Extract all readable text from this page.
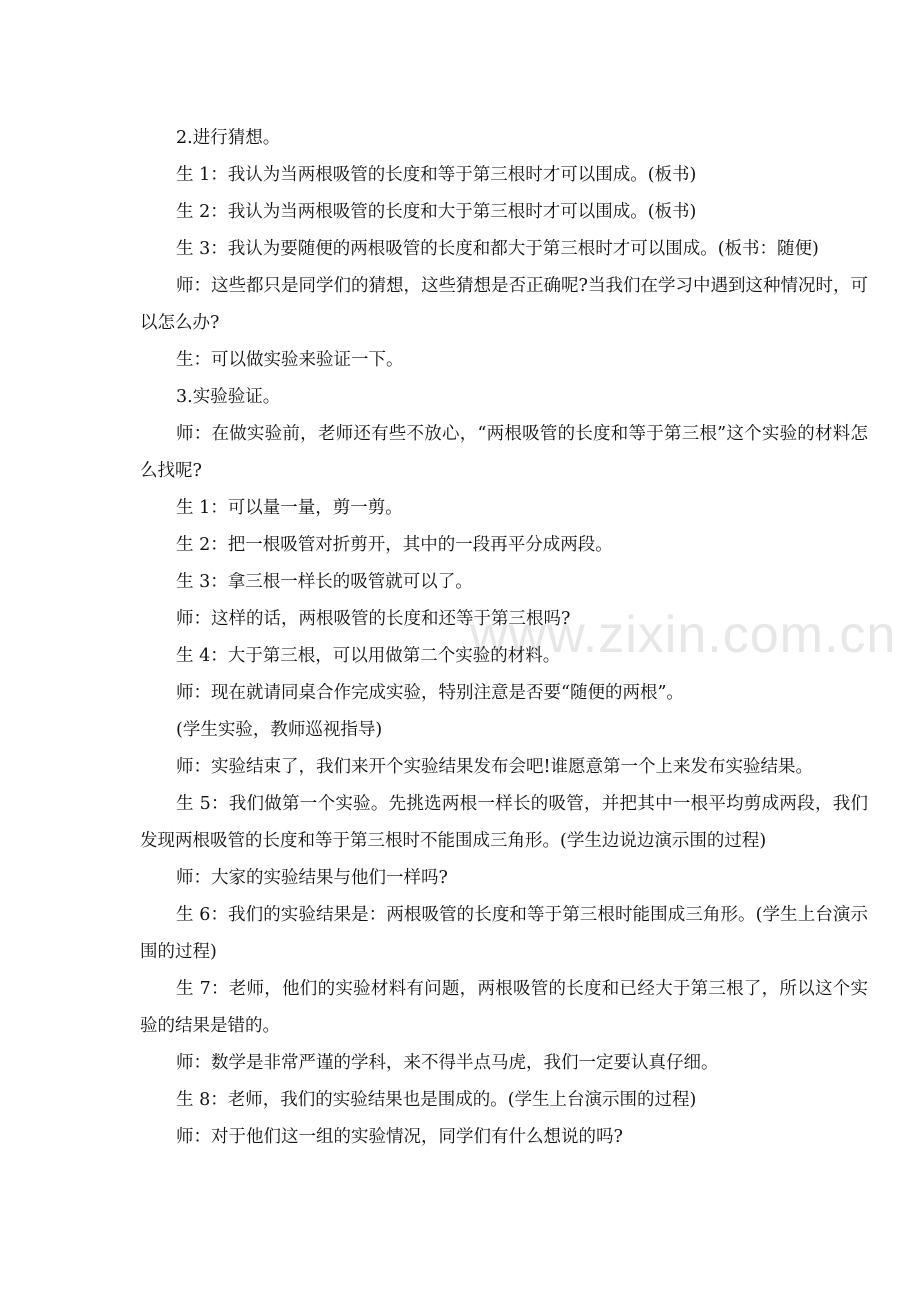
www.zixin.com.cn

2.进行猜想。

生 1：我认为当两根吸管的长度和等于第三根时才可以围成。(板书)

生 2：我认为当两根吸管的长度和大于第三根时才可以围成。(板书)

生 3：我认为要随便的两根吸管的长度和都大于第三根时才可以围成。(板书：随便)

师：这些都只是同学们的猜想，这些猜想是否正确呢?当我们在学习中遇到这种情况时，可以怎么办?

生：可以做实验来验证一下。

3.实验验证。

师：在做实验前，老师还有些不放心，“两根吸管的长度和等于第三根”这个实验的材料怎么找呢?

生 1：可以量一量，剪一剪。

生 2：把一根吸管对折剪开，其中的一段再平分成两段。

生 3：拿三根一样长的吸管就可以了。

师：这样的话，两根吸管的长度和还等于第三根吗?

生 4：大于第三根，可以用做第二个实验的材料。

师：现在就请同桌合作完成实验，特别注意是否要“随便的两根”。

(学生实验，教师巡视指导)

师：实验结束了，我们来开个实验结果发布会吧!谁愿意第一个上来发布实验结果。

生 5：我们做第一个实验。先挑选两根一样长的吸管，并把其中一根平均剪成两段，我们发现两根吸管的长度和等于第三根时不能围成三角形。(学生边说边演示围的过程)

师：大家的实验结果与他们一样吗?

生 6：我们的实验结果是：两根吸管的长度和等于第三根时能围成三角形。(学生上台演示围的过程)

生 7：老师，他们的实验材料有问题，两根吸管的长度和已经大于第三根了，所以这个实验的结果是错的。

师：数学是非常严谨的学科，来不得半点马虎，我们一定要认真仔细。

生 8：老师，我们的实验结果也是围成的。(学生上台演示围的过程)

师：对于他们这一组的实验情况，同学们有什么想说的吗?
